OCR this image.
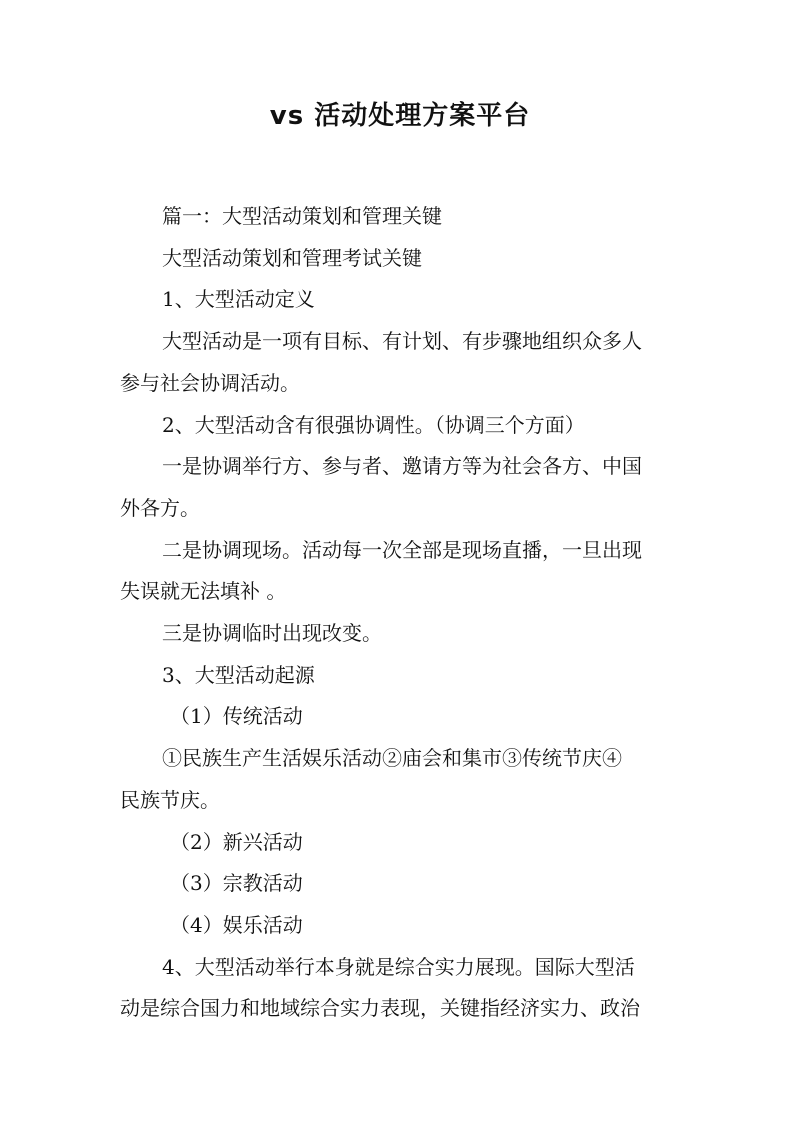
vs 活动处理方案平台

篇一：大型活动策划和管理关键

大型活动策划和管理考试关键

1、大型活动定义

大型活动是一项有目标、有计划、有步骤地组织众多人

参与社会协调活动。

2、大型活动含有很强协调性。（协调三个方面）

一是协调举行方、参与者、邀请方等为社会各方、中国

外各方。

二是协调现场。活动每一次全部是现场直播，一旦出现

失误就无法填补 。

三是协调临时出现改变。

3、大型活动起源

（1）传统活动

①民族生产生活娱乐活动②庙会和集市③传统节庆④

民族节庆。

（2）新兴活动

（3）宗教活动

（4）娱乐活动

4、大型活动举行本身就是综合实力展现。国际大型活

动是综合国力和地域综合实力表现，关键指经济实力、政治
